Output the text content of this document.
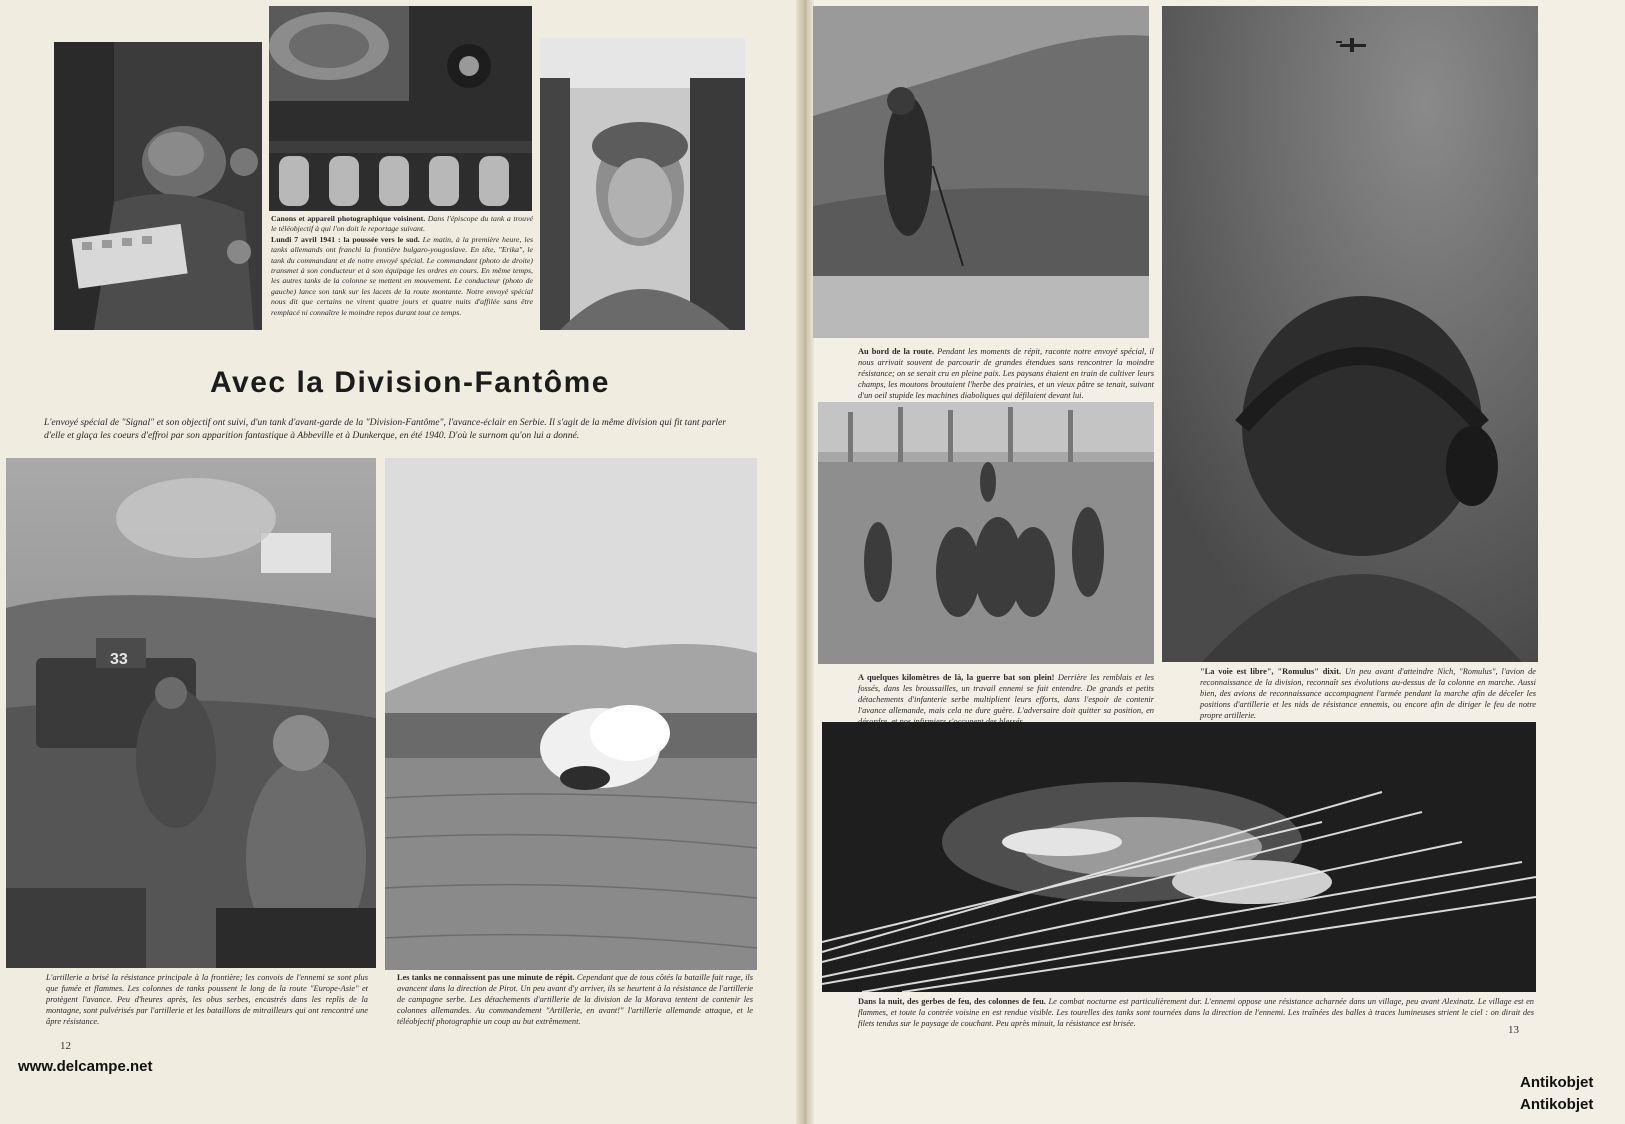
Canons et appareil photographique voisinent. Dans l'épiscope du tank a trouvé le téléobjectif à qui l'on doit le reportage suivant.
Lundi 7 avril 1941 : la poussée vers le sud. Le matin, à la première heure, les tanks allemands ont franchi la frontière bulgaro-yougoslave. En tête, "Erika", le tank du commandant et de notre envoyé spécial. Le commandant (photo de droite) transmet à son conducteur et à son équipage les ordres en cours. En même temps, les autres tanks de la colonne se mettent en mouvement. Le conducteur (photo de gauche) lance son tank sur les lacets de la route montante. Notre envoyé spécial nous dit que certains ne virent quatre jours et quatre nuits d'affilée sans être remplacé ni connaître le moindre repos durant tout ce temps.
Avec la Division-Fantôme
L'envoyé spécial de "Signal" et son objectif ont suivi, d'un tank d'avant-garde de la "Division-Fantôme", l'avance-éclair en Serbie. Il s'agit de la même division qui fit tant parler d'elle et glaça les coeurs d'effroi par son apparition fantastique à Abbeville et à Dunkerque, en été 1940. D'où le surnom qu'on lui a donné.
33
L'artillerie a brisé la résistance principale à la frontière; les convois de l'ennemi se sont plus que fumée et flammes. Les colonnes de tanks poussent le long de la route "Europe-Asie" et protègent l'avance. Peu d'heures après, les obus serbes, encastrés dans les replis de la montagne, sont pulvérisés par l'artillerie et les bataillons de mitrailleurs qui ont rencontré une âpre résistance.
Les tanks ne connaissent pas une minute de répit. Cependant que de tous côtés la bataille fait rage, ils avancent dans la direction de Pirot. Un peu avant d'y arriver, ils se heurtent à la résistance de l'artillerie de campagne serbe. Les détachements d'artillerie de la division de la Morava tentent de contenir les colonnes allemandes. Au commandement "Artillerie, en avant!" l'artillerie allemande attaque, et le téléobjectif photographie un coup au but extrêmement.
12
www.delcampe.net
Au bord de la route. Pendant les moments de répit, raconte notre envoyé spécial, il nous arrivait souvent de parcourir de grandes étendues sans rencontrer la moindre résistance; on se serait cru en pleine paix. Les paysans étaient en train de cultiver leurs champs, les moutons broutaient l'herbe des prairies, et un vieux pâtre se tenait, suivant d'un oeil stupide les machines diaboliques qui défilaient devant lui.
A quelques kilomètres de là, la guerre bat son plein! Derrière les remblais et les fossés, dans les broussailles, un travail ennemi se fait entendre. De grands et petits détachements d'infanterie serbe multiplient leurs efforts, dans l'espoir de contenir l'avance allemande, mais cela ne dure guère. L'adversaire doit quitter sa position, en
"La voie est libre", "Romulus" dixit. Un peu avant d'atteindre Nich, "Romulus", l'avion de reconnaissance de la division, reconnaît ses évolutions au-dessus de la colonne en marche. Aussi bien, des avions de reconnaissance accompagnent l'armée pendant la marche afin de déceler les positions d'artillerie et les nids de résistance ennemis, ou encore afin de diriger le feu de notre propre artillerie.
Dans la nuit, des gerbes de feu, des colonnes de feu. Le combat nocturne est particulièrement dur. L'ennemi oppose une résistance acharnée dans un village, peu avant Alexinatz. Le village est en flammes, et toute la contrée voisine en est rendue visible. Les tourelles des tanks sont tournées dans la direction de l'ennemi. Les traînées des balles à traces lumineuses strient le ciel : on dirait des filets tendus sur le paysage de couchant. Peu après minuit, la résistance est brisée.
13
Antikobjet
Antikobjet
